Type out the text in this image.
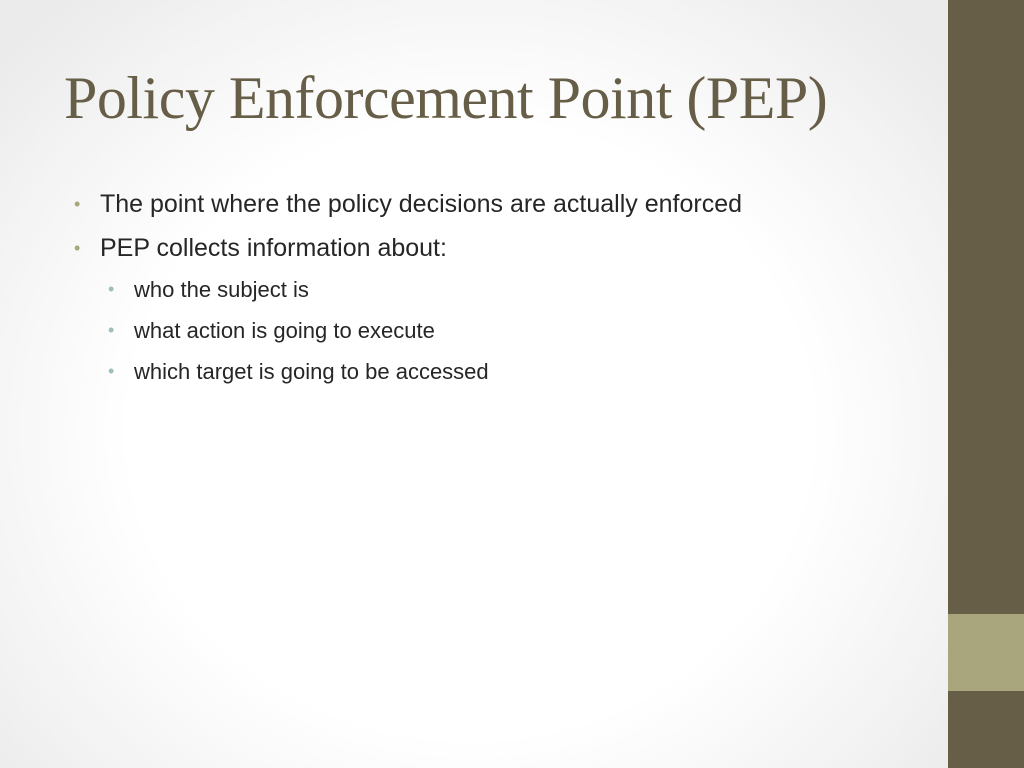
Policy Enforcement Point (PEP)
• The point where the policy decisions are actually enforced
• PEP collects information about:
• who the subject is
• what action is going to execute
• which target is going to be accessed
